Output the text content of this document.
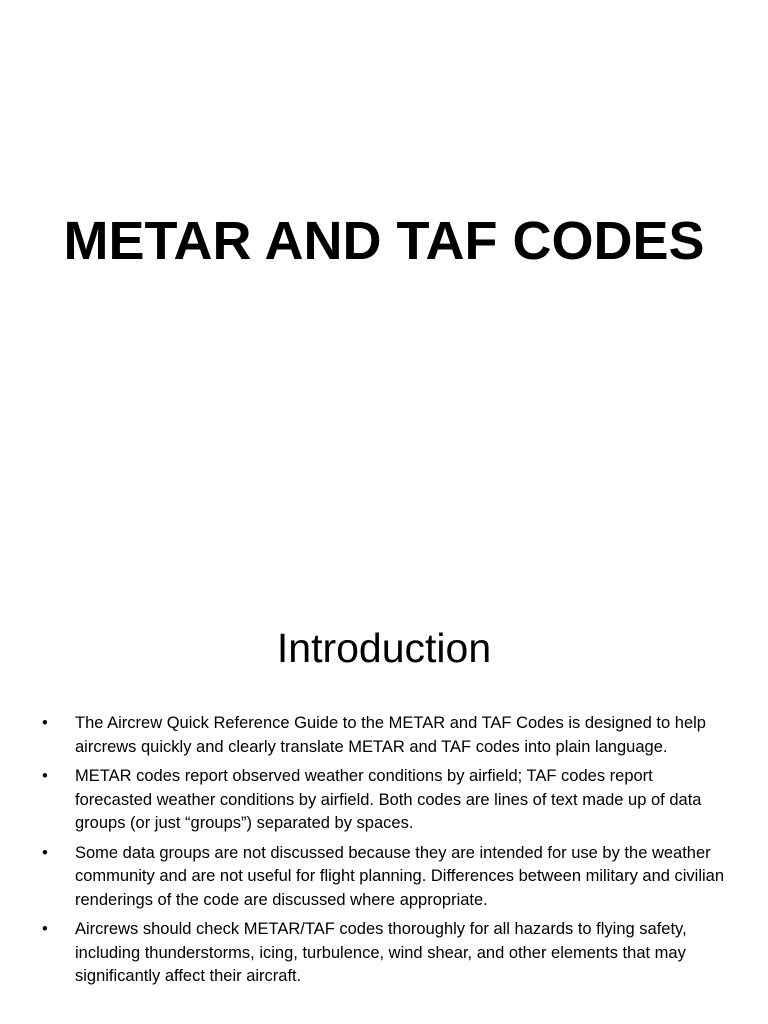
METAR AND TAF CODES
Introduction
• The Aircrew Quick Reference Guide to the METAR and TAF Codes is designed to help aircrews quickly and clearly translate METAR and TAF codes into plain language.
• METAR codes report observed weather conditions by airfield; TAF codes report forecasted weather conditions by airfield. Both codes are lines of text made up of data groups (or just “groups”) separated by spaces.
• Some data groups are not discussed because they are intended for use by the weather community and are not useful for flight planning. Differences between military and civilian renderings of the code are discussed where appropriate.
• Aircrews should check METAR/TAF codes thoroughly for all hazards to flying safety, including thunderstorms, icing, turbulence, wind shear, and other elements that may significantly affect their aircraft.
